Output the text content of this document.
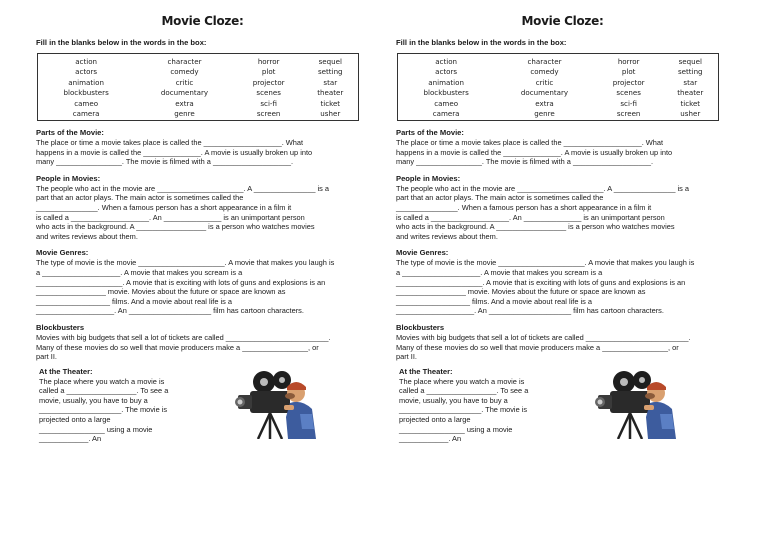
Movie Cloze:
Fill in the blanks below in the words in the box:
action	character	horror	sequel
actors	comedy	plot	setting
animation	critic	projector	star
blockbusters	documentary	scenes	theater
cameo	extra	sci-fi	ticket
camera	genre	screen	usher
Parts of the Movie:
The place or time a movie takes place is called the ___________________. What
happens in a movie is called the ______________. A movie is usually broken up into
many ________________. The movie is filmed with a ___________________.
People in Movies:
The people who act in the movie are _____________________. A _______________ is a
part that an actor plays. The main actor is sometimes called the
_______________. When a famous person has a short appearance in a film it
is called a ___________________. An ______________ is an unimportant person
who acts in the background. A _________________ is a person who watches movies
and writes reviews about them.
Movie Genres:
The type of movie is the movie _____________________. A movie that makes you laugh is
a ___________________. A movie that makes you scream is a
_____________________. A movie that is exciting with lots of guns and explosions is an
_________________ movie. Movies about the future or space are known as
__________________ films. And a movie about real life is a
___________________. An ____________________ film has cartoon characters.
Blockbusters
Movies with big budgets that sell a lot of tickets are called _________________________.
Many of these movies do so well that movie producers make a ________________, or
part II.
At the Theater:
The place where you watch a movie is
called a _________________. To see a
movie, usually, you have to buy a
____________________. The movie is
projected onto a large
________________ using a movie
____________. An
Movie Cloze:
Fill in the blanks below in the words in the box:
action	character	horror	sequel
actors	comedy	plot	setting
animation	critic	projector	star
blockbusters	documentary	scenes	theater
cameo	extra	sci-fi	ticket
camera	genre	screen	usher
Parts of the Movie:
The place or time a movie takes place is called the ___________________. What
happens in a movie is called the ______________. A movie is usually broken up into
many ________________. The movie is filmed with a ___________________.
People in Movies:
The people who act in the movie are _____________________. A _______________ is a
part that an actor plays. The main actor is sometimes called the
_______________. When a famous person has a short appearance in a film it
is called a ___________________. An ______________ is an unimportant person
who acts in the background. A _________________ is a person who watches movies
and writes reviews about them.
Movie Genres:
The type of movie is the movie _____________________. A movie that makes you laugh is
a ___________________. A movie that makes you scream is a
_____________________. A movie that is exciting with lots of guns and explosions is an
_________________ movie. Movies about the future or space are known as
__________________ films. And a movie about real life is a
___________________. An ____________________ film has cartoon characters.
Blockbusters
Movies with big budgets that sell a lot of tickets are called _________________________.
Many of these movies do so well that movie producers make a ________________, or
part II.
At the Theater:
The place where you watch a movie is
called a _________________. To see a
movie, usually, you have to buy a
____________________. The movie is
projected onto a large
________________ using a movie
____________. An
